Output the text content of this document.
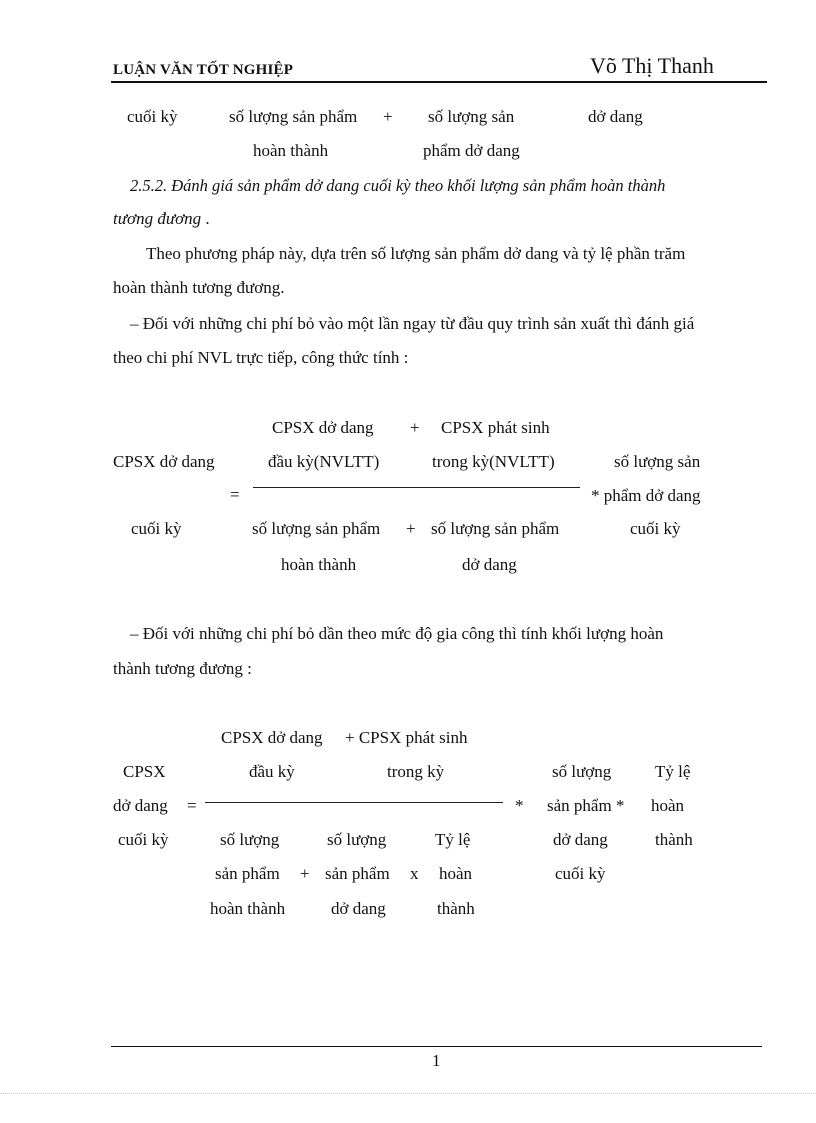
LUẬN VĂN TỐT NGHIỆP	Võ Thị Thanh
cuối kỳ	số lượng sản phẩm + số lượng sản	dở dang
hoàn thành	phẩm dở dang
2.5.2. Đánh giá sản phẩm dở dang cuối kỳ theo khối lượng sản phẩm hoàn thành
tương đương .
Theo phương pháp này, dựa trên số lượng sản phẩm dở dang và tỷ lệ phần trăm
hoàn thành tương đương.
– Đối với những chi phí bỏ vào một lần ngay từ đầu quy trình sản xuất thì đánh giá
theo chi phí NVL trực tiếp, công thức tính :
CPSX dở dang + CPSX phát sinh
CPSX dở dang	đầu kỳ(NVLTT)	trong kỳ(NVLTT)	số lượng sản
=	* phẩm dở dang
cuối kỳ	số lượng sản phẩm + số lượng sản phẩm	cuối kỳ
hoàn thành	dở dang
– Đối với những chi phí bỏ dần theo mức độ gia công thì tính khối lượng hoàn
thành tương đương :
CPSX dở dang + CPSX phát sinh
CPSX	đầu kỳ	trong kỳ	số lượng	Tỷ lệ
dở dang =	* sản phẩm * hoàn
cuối kỳ	số lượng	số lượng	Tỷ lệ	dở dang	thành
sản phẩm + sản phẩm x hoàn	cuối kỳ
hoàn thành	dở dang	thành
1
